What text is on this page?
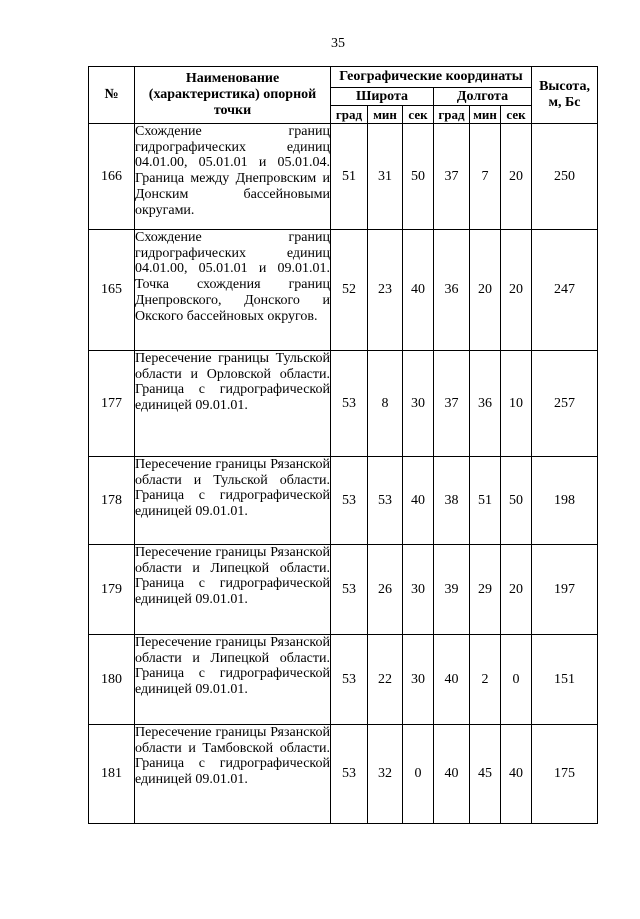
35
№	Наименование (характеристика) опорной точки	Географические координаты						Высота, м, Бс
		Широта			Долгота			
		град	мин	сек	град	мин	сек	
166	Схождение границ гидрографических единиц 04.01.00, 05.01.01 и 05.01.04. Граница между Днепровским и Донским бассейновыми округами.	51	31	50	37	7	20	250
165	Схождение границ гидрографических единиц 04.01.00, 05.01.01 и 09.01.01. Точка схождения границ Днепровского, Донского и Окского бассейновых округов.	52	23	40	36	20	20	247
177	Пересечение границы Тульской области и Орловской области. Граница с гидрографической единицей 09.01.01.	53	8	30	37	36	10	257
178	Пересечение границы Рязанской области и Тульской области. Граница с гидрографической единицей 09.01.01.	53	53	40	38	51	50	198
179	Пересечение границы Рязанской области и Липецкой области. Граница с гидрографической единицей 09.01.01.	53	26	30	39	29	20	197
180	Пересечение границы Рязанской области и Липецкой области. Граница с гидрографической единицей 09.01.01.	53	22	30	40	2	0	151
181	Пересечение границы Рязанской области и Тамбовской области. Граница с гидрографической единицей 09.01.01.	53	32	0	40	45	40	175
